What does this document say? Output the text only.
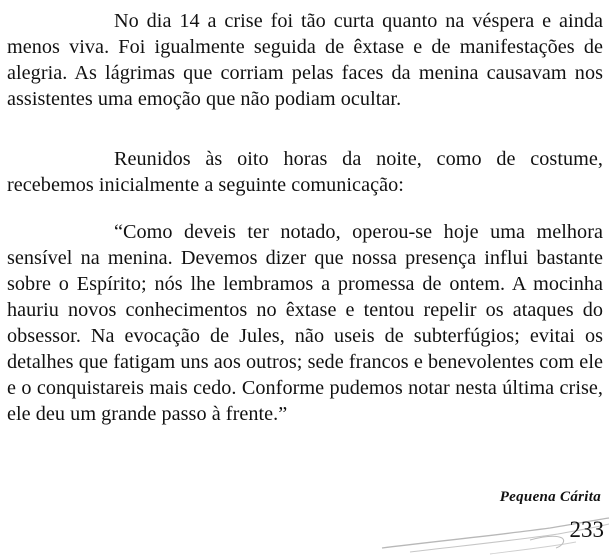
No dia 14 a crise foi tão curta quanto na véspera e ainda menos viva. Foi igualmente seguida de êxtase e de manifestações de alegria. As lágrimas que corriam pelas faces da menina causavam nos assistentes uma emoção que não podiam ocultar.

Reunidos às oito horas da noite, como de costume, recebemos inicialmente a seguinte comunicação:

“Como deveis ter notado, operou-se hoje uma melhora sensível na menina. Devemos dizer que nossa presença influi bastante sobre o Espírito; nós lhe lembramos a promessa de ontem. A mocinha hauriu novos conhecimentos no êxtase e tentou repelir os ataques do obsessor. Na evocação de Jules, não useis de subterfúgios; evitai os detalhes que fatigam uns aos outros; sede francos e benevolentes com ele e o conquistareis mais cedo. Conforme pudemos notar nesta última crise, ele deu um grande passo à frente.”

Pequena Cárita
233
